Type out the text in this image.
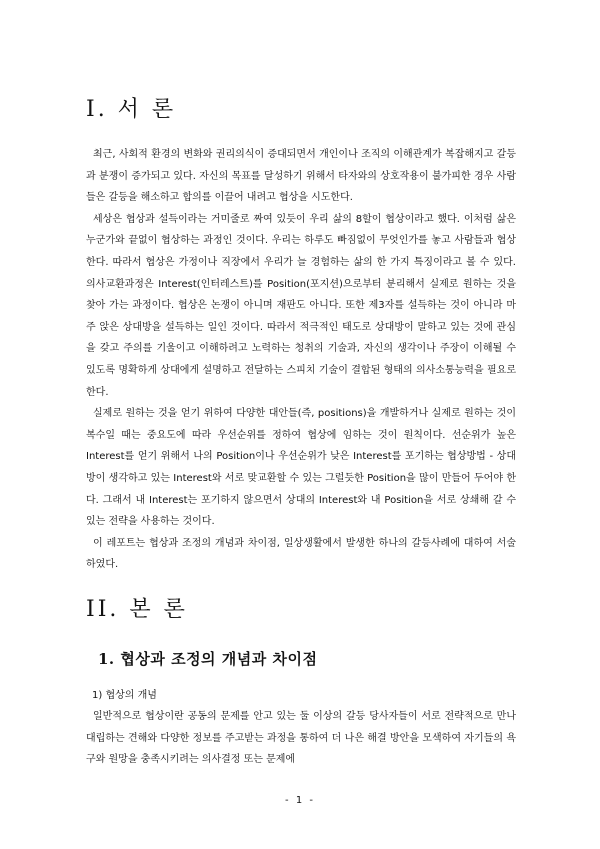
I. 서 론

최근, 사회적 환경의 변화와 권리의식이 증대되면서 개인이나 조직의 이해관계가 복잡해지고 갈등과 분쟁이 증가되고 있다. 자신의 목표를 달성하기 위해서 타자와의 상호작용이 불가피한 경우 사람들은 갈등을 해소하고 합의를 이끌어 내려고 협상을 시도한다.

세상은 협상과 설득이라는 거미줄로 짜여 있듯이 우리 삶의 8할이 협상이라고 했다. 이처럼 삶은 누군가와 끝없이 협상하는 과정인 것이다. 우리는 하루도 빠짐없이 무엇인가를 놓고 사람들과 협상한다. 따라서 협상은 가정이나 직장에서 우리가 늘 경험하는 삶의 한 가지 특징이라고 볼 수 있다. 의사교환과정은 Interest(인터레스트)를 Position(포지션)으로부터 분리해서 실제로 원하는 것을 찾아 가는 과정이다. 협상은 논쟁이 아니며 재판도 아니다. 또한 제3자를 설득하는 것이 아니라 마주 앉은 상대방을 설득하는 일인 것이다. 따라서 적극적인 태도로 상대방이 말하고 있는 것에 관심을 갖고 주의를 기울이고 이해하려고 노력하는 청취의 기술과, 자신의 생각이나 주장이 이해될 수 있도록 명확하게 상대에게 설명하고 전달하는 스피치 기술이 결합된 형태의 의사소통능력을 필요로 한다.

실제로 원하는 것을 얻기 위하여 다양한 대안들(즉, positions)을 개발하거나 실제로 원하는 것이 복수일 때는 중요도에 따라 우선순위를 정하여 협상에 임하는 것이 원칙이다. 선순위가 높은 Interest를 얻기 위해서 나의 Position이나 우선순위가 낮은 Interest를 포기하는 협상방법 - 상대방이 생각하고 있는 Interest와 서로 맞교환할 수 있는 그럴듯한 Position을 많이 만들어 두어야 한다. 그래서 내 Interest는 포기하지 않으면서 상대의 Interest와 내 Position을 서로 상쇄해 갈 수 있는 전략을 사용하는 것이다.

이 레포트는 협상과 조정의 개념과 차이점, 일상생활에서 발생한 하나의 갈등사례에 대하여 서술하였다.

II. 본 론
1. 협상과 조정의 개념과 차이점

1) 협상의 개념

일반적으로 협상이란 공동의 문제를 안고 있는 둘 이상의 갈등 당사자들이 서로 전략적으로 만나 대립하는 견해와 다양한 정보를 주고받는 과정을 통하여 더 나은 해결 방안을 모색하여 자기들의 욕구와 원망을 충족시키려는 의사결정 또는 문제에

- 1 -
